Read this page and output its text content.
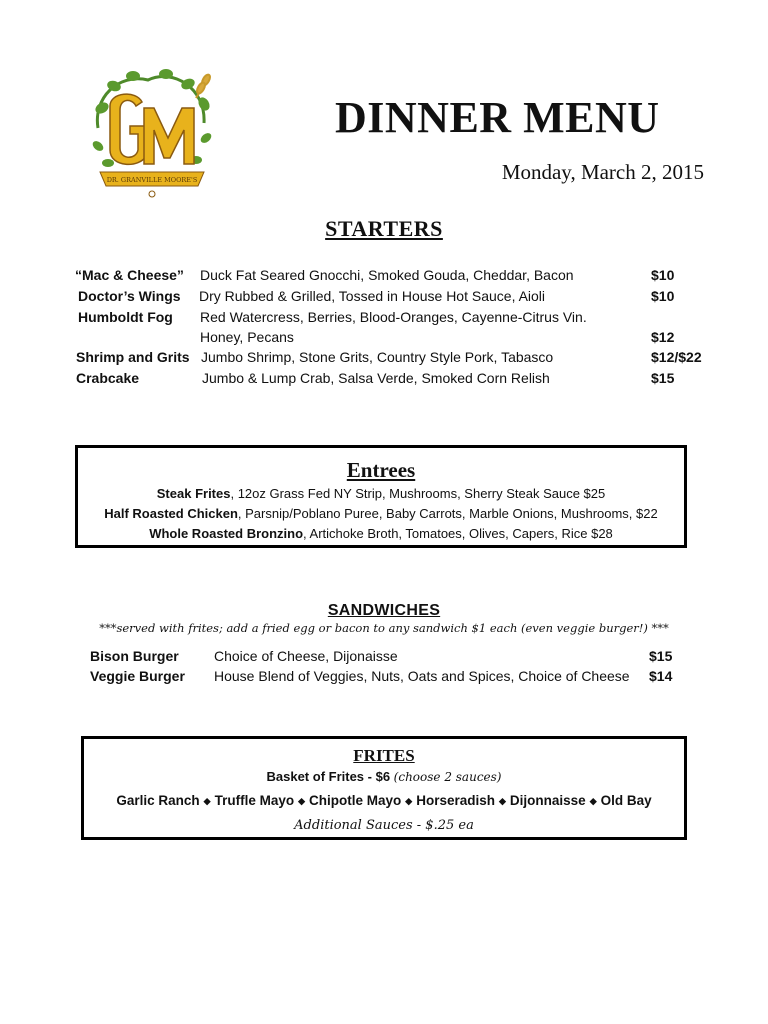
DR. GRANVILLE MOORE'S
DINNER MENU
Monday, March 2, 2015
STARTERS
“Mac & Cheese” Duck Fat Seared Gnocchi, Smoked Gouda, Cheddar, Bacon	$10
Doctor’s Wings Dry Rubbed & Grilled, Tossed in House Hot Sauce, Aioli	$10
Humboldt Fog Red Watercress, Berries, Blood-Oranges, Cayenne-Citrus Vin.
Honey, Pecans	$12
Shrimp and Grits Jumbo Shrimp, Stone Grits, Country Style Pork, Tabasco	$12/$22
Crabcake	Jumbo & Lump Crab, Salsa Verde, Smoked Corn Relish	$15
Entrees
Steak Frites, 12oz Grass Fed NY Strip, Mushrooms, Sherry Steak Sauce $25
Half Roasted Chicken, Parsnip/Poblano Puree, Baby Carrots, Marble Onions, Mushrooms, $22
Whole Roasted Bronzino, Artichoke Broth, Tomatoes, Olives, Capers, Rice $28
SANDWICHES
***served with frites; add a fried egg or bacon to any sandwich $1 each (even veggie burger!) ***
Bison Burger	Choice of Cheese, Dijonaisse	$15
Veggie Burger House Blend of Veggies, Nuts, Oats and Spices, Choice of Cheese $14
FRITES
Basket of Frites - $6 (choose 2 sauces)
Garlic Ranch ◆ Truffle Mayo ◆ Chipotle Mayo ◆ Horseradish ◆ Dijonnaisse ◆ Old Bay
Additional Sauces - $.25 ea
